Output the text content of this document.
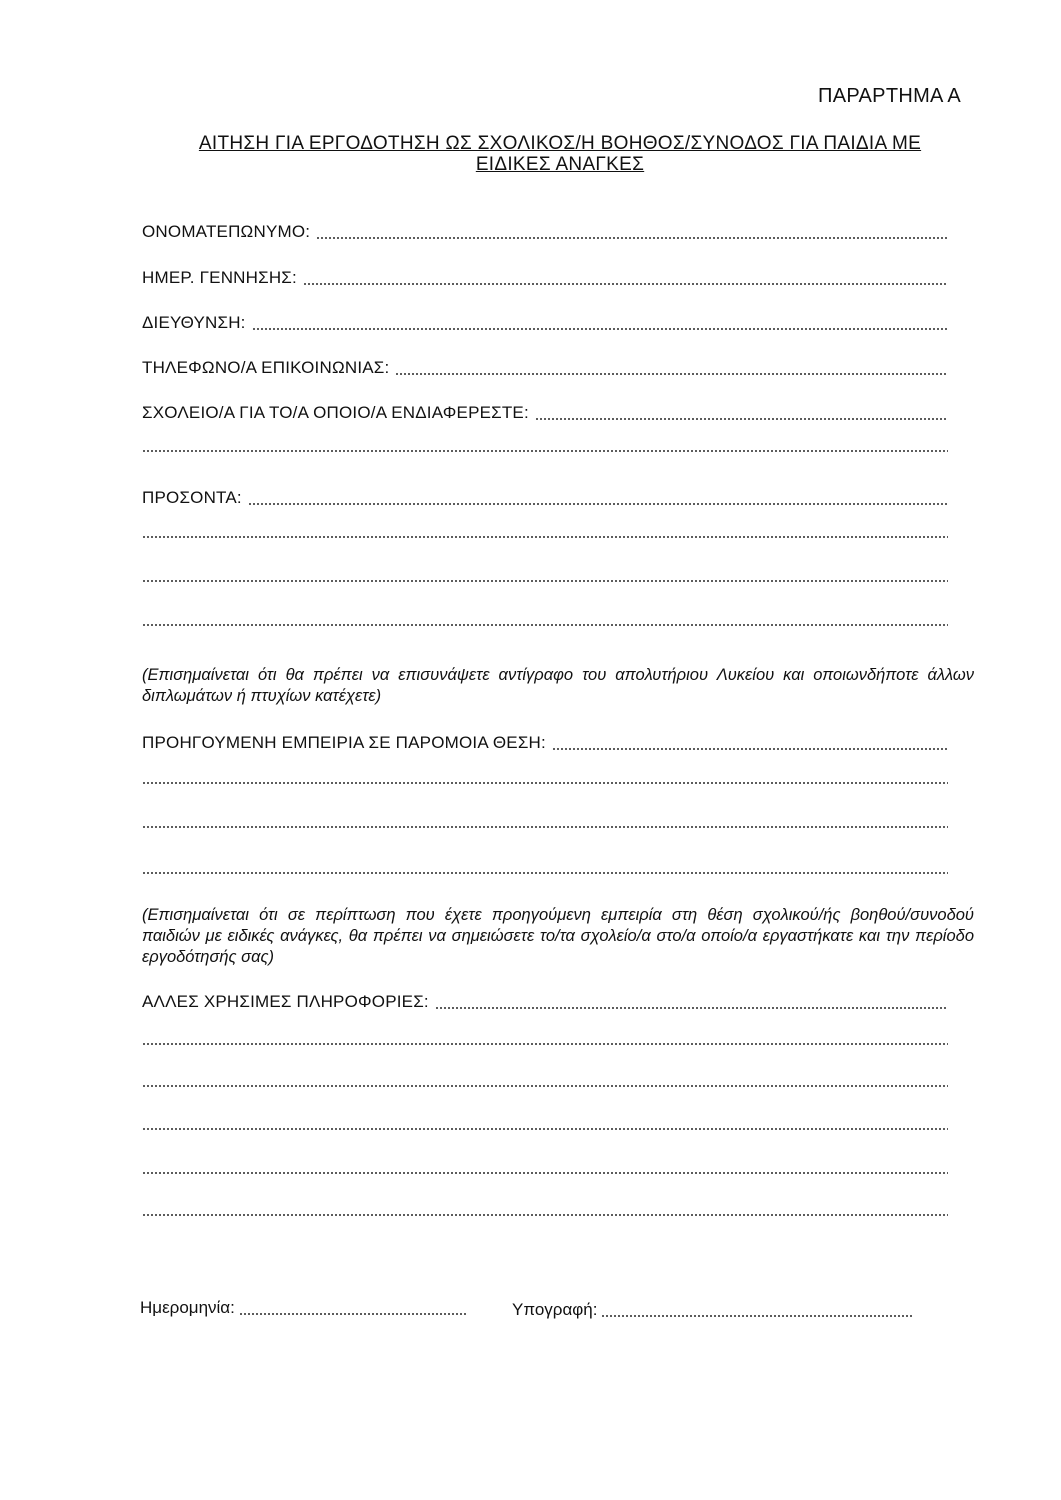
ΠΑΡΑΡΤΗΜΑ Α
ΑΙΤΗΣΗ ΓΙΑ ΕΡΓΟΔΟΤΗΣΗ ΩΣ ΣΧΟΛΙΚΟΣ/Η ΒΟΗΘΟΣ/ΣΥΝΟΔΟΣ ΓΙΑ ΠΑΙΔΙΑ ΜΕ
ΕΙΔΙΚΕΣ ΑΝΑΓΚΕΣ
ΟΝΟΜΑΤΕΠΩΝΥΜΟ:
ΗΜΕΡ. ΓΕΝΝΗΣΗΣ:
ΔΙΕΥΘΥΝΣΗ:
ΤΗΛΕΦΩΝΟ/Α ΕΠΙΚΟΙΝΩΝΙΑΣ:
ΣΧΟΛΕΙΟ/Α ΓΙΑ ΤΟ/Α ΟΠΟΙΟ/Α ΕΝΔΙΑΦΕΡΕΣΤΕ:
ΠΡΟΣΟΝΤΑ:
(Επισημαίνεται ότι θα πρέπει να επισυνάψετε αντίγραφο του απολυτήριου Λυκείου και οποιωνδήποτε άλλων διπλωμάτων ή πτυχίων κατέχετε)
ΠΡΟΗΓΟΥΜΕΝΗ ΕΜΠΕΙΡΙΑ ΣΕ ΠΑΡΟΜΟΙΑ ΘΕΣΗ:
(Επισημαίνεται ότι σε περίπτωση που έχετε προηγούμενη εμπειρία στη θέση σχολικού/ής βοηθού/συνοδού παιδιών με ειδικές ανάγκες, θα πρέπει να σημειώσετε το/τα σχολείο/α στο/α οποίο/α εργαστήκατε και την περίοδο εργοδότησής σας)
ΑΛΛΕΣ ΧΡΗΣΙΜΕΣ ΠΛΗΡΟΦΟΡΙΕΣ:
Ημερομηνία:	Υπογραφή:
